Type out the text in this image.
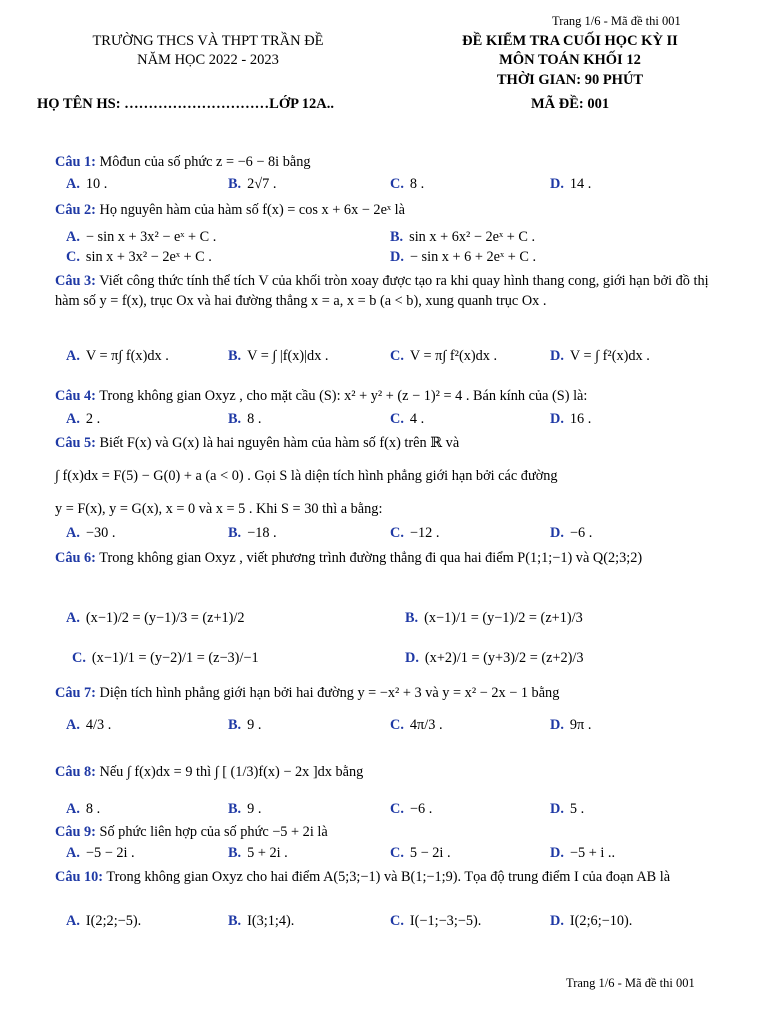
Trang 1/6 - Mã đề thi 001
TRƯỜNG THCS VÀ THPT TRẦN ĐỀ
NĂM HỌC 2022 - 2023
ĐỀ KIỂM TRA CUỐI HỌC KỲ II
MÔN TOÁN KHỐI 12
THỜI GIAN: 90 PHÚT
HỌ TÊN HS: …………………………LỚP 12A..	MÃ ĐỀ: 001
Câu 1: Môđun của số phức z = −6 − 8i bằng
A. 10 .	B. 2√7 .	C. 8 .	D. 14 .
Câu 2: Họ nguyên hàm của hàm số f(x) = cos x + 6x − 2eˣ là
A. − sin x + 3x² − eˣ + C .	B. sin x + 6x² − 2eˣ + C .
C. sin x + 3x² − 2eˣ + C .	D. − sin x + 6 + 2eˣ + C .
Câu 3: Viết công thức tính thể tích V của khối tròn xoay được tạo ra khi quay hình thang cong, giới hạn bởi đồ thị hàm số y = f(x), trục Ox và hai đường thẳng x = a, x = b (a < b), xung quanh trục Ox .
A. V = π∫ f(x)dx .	B. V = ∫ |f(x)|dx .	C. V = π∫ f²(x)dx .	D. V = ∫ f²(x)dx .
Câu 4: Trong không gian Oxyz , cho mặt cầu (S): x² + y² + (z − 1)² = 4 . Bán kính của (S) là:
A. 2 .	B. 8 .	C. 4 .	D. 16 .
Câu 5: Biết F(x) và G(x) là hai nguyên hàm của hàm số f(x) trên ℝ và
∫ f(x)dx = F(5) − G(0) + a (a < 0) . Gọi S là diện tích hình phẳng giới hạn bởi các đường
y = F(x), y = G(x), x = 0 và x = 5 . Khi S = 30 thì a bằng:
A. −30 .	B. −18 .	C. −12 .	D. −6 .
Câu 6: Trong không gian Oxyz , viết phương trình đường thẳng đi qua hai điểm P(1;1;−1) và Q(2;3;2)
A. (x−1)/2 = (y−1)/3 = (z+1)/2	B. (x−1)/1 = (y−1)/2 = (z+1)/3
C. (x−1)/1 = (y−2)/1 = (z−3)/−1	D. (x+2)/1 = (y+3)/2 = (z+2)/3
Câu 7: Diện tích hình phẳng giới hạn bởi hai đường y = −x² + 3 và y = x² − 2x − 1 bằng
A. 4/3 .	B. 9 .	C. 4π/3 .	D. 9π .
Câu 8: Nếu ∫ f(x)dx = 9 thì ∫ [ (1/3)f(x) − 2x ]dx bằng
A. 8 .	B. 9 .	C. −6 .	D. 5 .
Câu 9: Số phức liên hợp của số phức −5 + 2i là
A. −5 − 2i .	B. 5 + 2i .	C. 5 − 2i .	D. −5 + i ..
Câu 10: Trong không gian Oxyz cho hai điểm A(5;3;−1) và B(1;−1;9). Tọa độ trung điểm I của đoạn AB là
A. I(2;2;−5).	B. I(3;1;4).	C. I(−1;−3;−5).	D. I(2;6;−10).
Trang 1/6 - Mã đề thi 001
